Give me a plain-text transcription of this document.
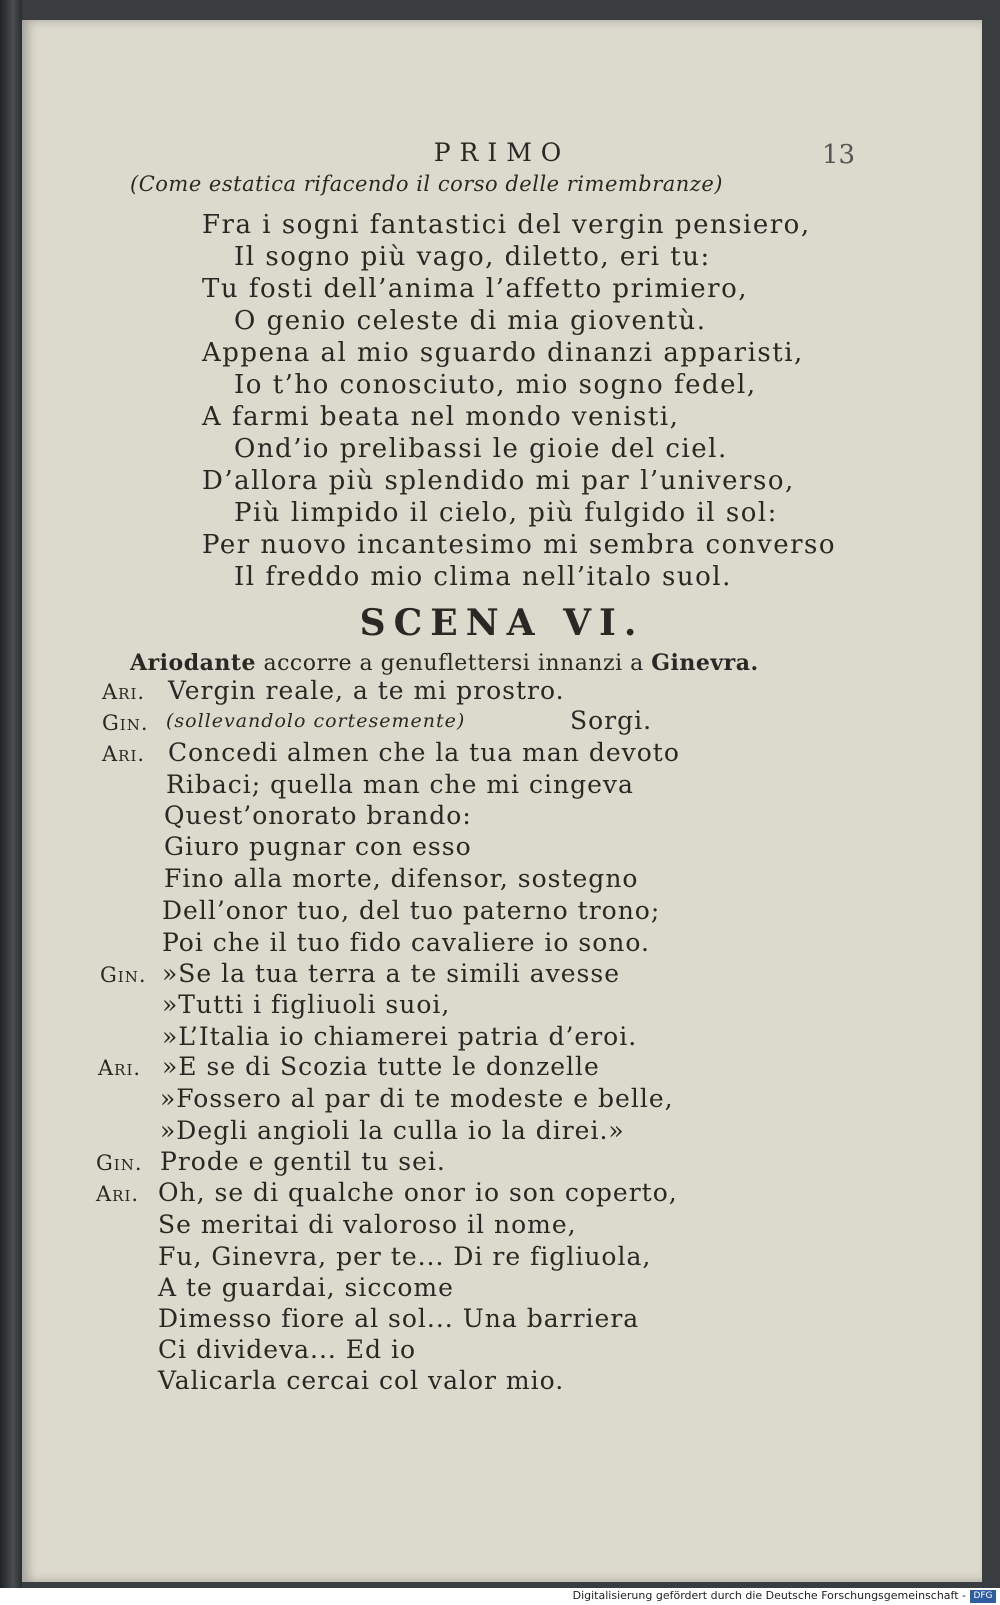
PRIMO	13
(Come estatica rifacendo il corso delle rimembranze)
Fra i sogni fantastici del vergin pensiero,
Il sogno più vago, diletto, eri tu:
Tu fosti dell’anima l’affetto primiero,
O genio celeste di mia gioventù.
Appena al mio sguardo dinanzi apparisti,
Io t’ho conosciuto, mio sogno fedel,
A farmi beata nel mondo venisti,
Ond’io prelibassi le gioie del ciel.
D’allora più splendido mi par l’universo,
Più limpido il cielo, più fulgido il sol:
Per nuovo incantesimo mi sembra converso
Il freddo mio clima nell’italo suol.
SCENA VI.
Ariodante accorre a genuflettersi innanzi a Ginevra.
Ari. Vergin reale, a te mi prostro.
Gin. (sollevandolo cortesemente)	Sorgi.
Ari. Concedi almen che la tua man devoto
Ribaci; quella man che mi cingeva
Quest’onorato brando:
Giuro pugnar con esso
Fino alla morte, difensor, sostegno
Dell’onor tuo, del tuo paterno trono;
Poi che il tuo fido cavaliere io sono.
Gin. »Se la tua terra a te simili avesse
»Tutti i figliuoli suoi,
»L’Italia io chiamerei patria d’eroi.
Ari. »E se di Scozia tutte le donzelle
»Fossero al par di te modeste e belle,
»Degli angioli la culla io la direi.»
Gin. Prode e gentil tu sei.
Ari. Oh, se di qualche onor io son coperto,
Se meritai di valoroso il nome,
Fu, Ginevra, per te... Di re figliuola,
A te guardai, siccome
Dimesso fiore al sol... Una barriera
Ci divideva... Ed io
Valicarla cercai col valor mio.
Digitalisierung gefördert durch die Deutsche Forschungsgemeinschaft - DFG
